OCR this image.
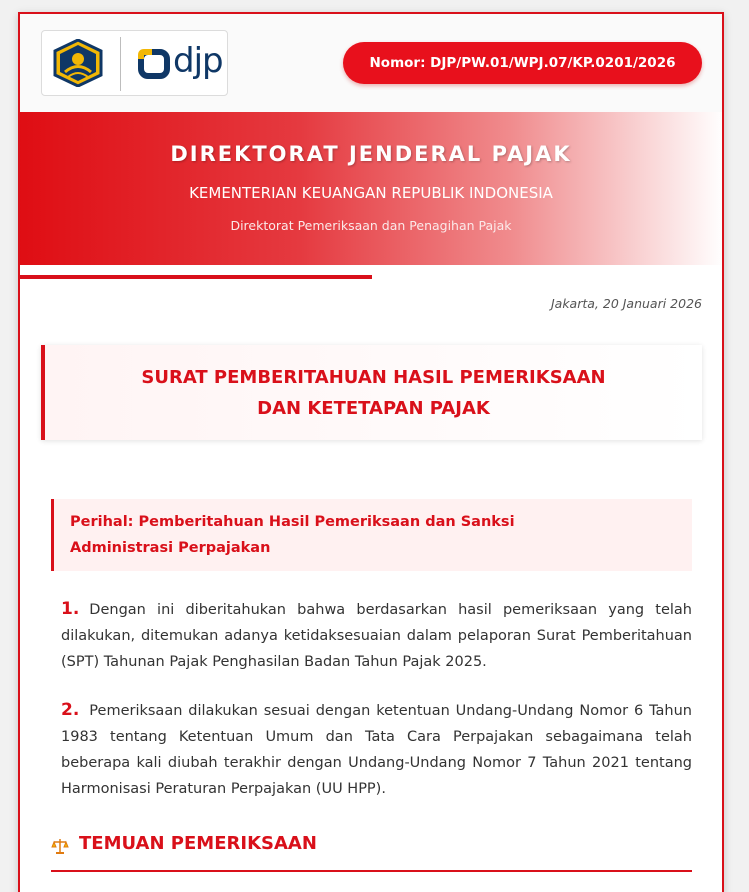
djp	Nomor: DJP/PW.01/WPJ.07/KP.0201/2026
DIREKTORAT JENDERAL PAJAK
KEMENTERIAN KEUANGAN REPUBLIK INDONESIA
Direktorat Pemeriksaan dan Penagihan Pajak
Jakarta, 20 Januari 2026
SURAT PEMBERITAHUAN HASIL PEMERIKSAAN
DAN KETETAPAN PAJAK
Perihal: Pemberitahuan Hasil Pemeriksaan dan Sanksi
Administrasi Perpajakan
1. Dengan ini diberitahukan bahwa berdasarkan hasil pemeriksaan yang telah dilakukan, ditemukan adanya ketidaksesuaian dalam pelaporan Surat Pemberitahuan (SPT) Tahunan Pajak Penghasilan Badan Tahun Pajak 2025.
2. Pemeriksaan dilakukan sesuai dengan ketentuan Undang-Undang Nomor 6 Tahun 1983 tentang Ketentuan Umum dan Tata Cara Perpajakan sebagaimana telah beberapa kali diubah terakhir dengan Undang-Undang Nomor 7 Tahun 2021 tentang Harmonisasi Peraturan Perpajakan (UU HPP).
TEMUAN PEMERIKSAAN
